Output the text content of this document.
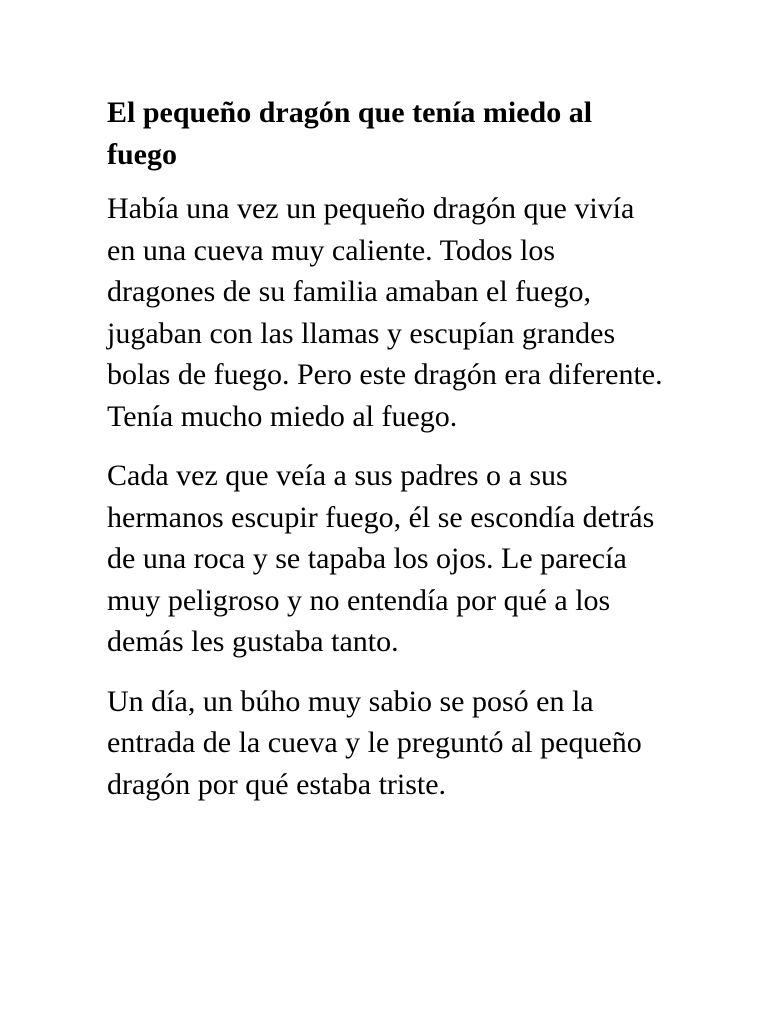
El pequeño dragón que tenía miedo al fuego

Había una vez un pequeño dragón que vivía en una cueva muy caliente. Todos los dragones de su familia amaban el fuego, jugaban con las llamas y escupían grandes bolas de fuego. Pero este dragón era diferente. Tenía mucho miedo al fuego.

Cada vez que veía a sus padres o a sus hermanos escupir fuego, él se escondía detrás de una roca y se tapaba los ojos. Le parecía muy peligroso y no entendía por qué a los demás les gustaba tanto.

Un día, un búho muy sabio se posó en la entrada de la cueva y le preguntó al pequeño dragón por qué estaba triste.
